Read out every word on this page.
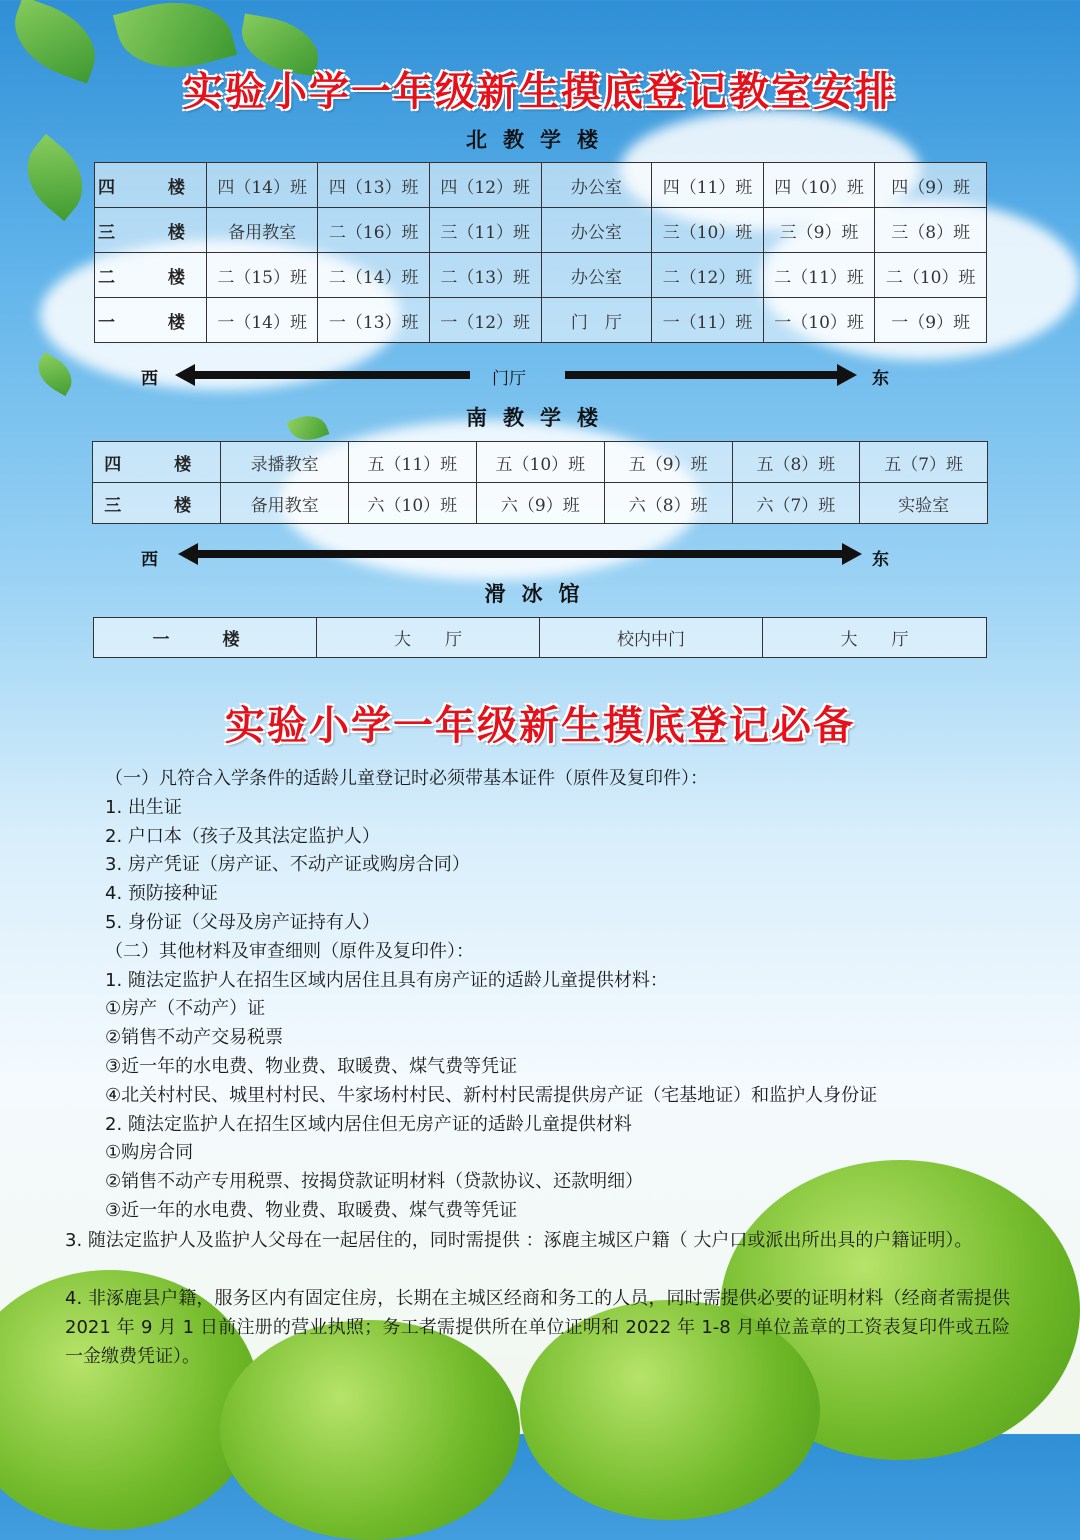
实验小学一年级新生摸底登记教室安排
北教学楼
四　楼	四（14）班	四（13）班	四（12）班	办公室	四（11）班	四（10）班	四（9）班
三　楼	备用教室	二（16）班	三（11）班	办公室	三（10）班	三（9）班	三（8）班
二　楼	二（15）班	二（14）班	二（13）班	办公室	二（12）班	二（11）班	二（10）班
一　楼	一（14）班	一（13）班	一（12）班	门　厅	一（11）班	一（10）班	一（9）班
西	门厅	东
南教学楼
四　楼	录播教室	五（11）班	五（10）班	五（9）班	五（8）班	五（7）班
三　楼	备用教室	六（10）班	六（9）班	六（8）班	六（7）班	实验室
西	东
滑冰馆
一　楼	大　　厅	校内中门	大　　厅
实验小学一年级新生摸底登记必备
（一）凡符合入学条件的适龄儿童登记时必须带基本证件（原件及复印件）：
1. 出生证
2. 户口本（孩子及其法定监护人）
3. 房产凭证（房产证、不动产证或购房合同）
4. 预防接种证
5. 身份证（父母及房产证持有人）
（二）其他材料及审查细则（原件及复印件）：
1. 随法定监护人在招生区域内居住且具有房产证的适龄儿童提供材料：
①房产（不动产）证
②销售不动产交易税票
③近一年的水电费、物业费、取暖费、煤气费等凭证
④北关村村民、城里村村民、牛家场村村民、新村村民需提供房产证（宅基地证）和监护人身份证
2. 随法定监护人在招生区域内居住但无房产证的适龄儿童提供材料
①购房合同
②销售不动产专用税票、按揭贷款证明材料（贷款协议、还款明细）
③近一年的水电费、物业费、取暖费、煤气费等凭证
3. 随法定监护人及监护人父母在一起居住的，同时需提供 ：涿鹿主城区户籍（ 大户口或派出所出具的户籍证明）。
4. 非涿鹿县户籍，服务区内有固定住房，长期在主城区经商和务工的人员，同时需提供必要的证明材料（经商者需提供 2021 年 9 月 1 日前注册的营业执照；务工者需提供所在单位证明和 2022 年 1-8 月单位盖章的工资表复印件或五险一金缴费凭证）。
